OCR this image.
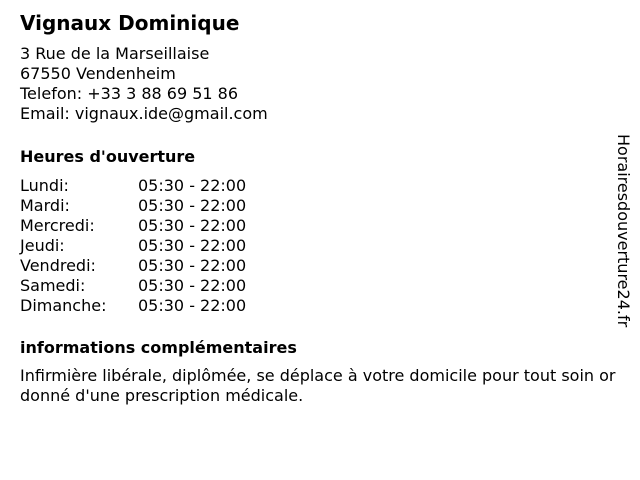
Vignaux Dominique
3 Rue de la Marseillaise
67550 Vendenheim
Telefon: +33 3 88 69 51 86
Email: vignaux.ide@gmail.com
Heures d'ouverture
Lundi:	05:30 - 22:00
Mardi:	05:30 - 22:00
Mercredi:	05:30 - 22:00
Jeudi:	05:30 - 22:00
Vendredi:	05:30 - 22:00
Samedi:	05:30 - 22:00
Dimanche:	05:30 - 22:00
informations complémentaires
Infirmière libérale, diplômée, se déplace à votre domicile pour tout soin ordonné d'une prescription médicale.
Horairesdouverture24.fr
